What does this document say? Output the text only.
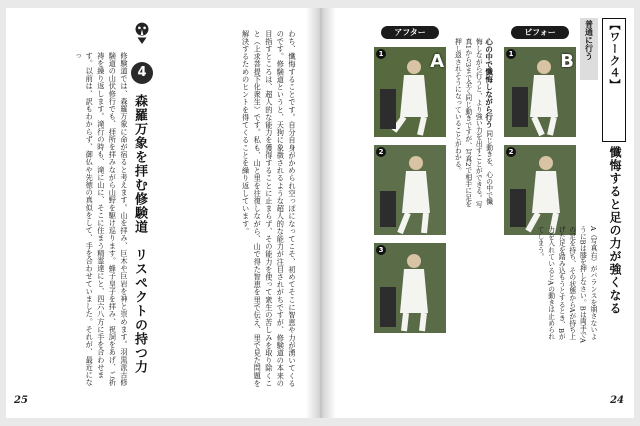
わち、懺悔することです。自分自身がかめられ空っぽになってこそ、初めてそこに智恵や力が湧いてくるのです。修験道というと、天狗に象徴されるような超人的な能力が注目されがちですが、修験道の本来の目指すところは、超人的な能力を獲得することに止まらず、その能力を使って衆生の苦しみを取り除くこと（上求菩提下化衆生）です。私も、山と里を往復しながら、山で得た智恵を里で伝え、里で見た問題を解決するためのヒントを得てくることを繰り返しています。
4
森羅万象を拝む修験道　リスペクトの持つ力
修験道では、森羅万象に命が宿ると考えます。山を拝み、巨木や巨岩を神と崇めます。羽黒派古修験道の山伏修行でも、拝所を拝みながら山野を駆け巡ります。蜂子皇子を拝み、祝詞をあげ、ご祈祷を繰り返します。滝行の時も、滝に山に、そこに住まう精霊達にと、四六八方に手を合わせます。以前は、訳もわからず、御仏や先徳の真似をして、手を合わせていました。それが、最近になっ
25
【ワーク４】
懺悔すると足の力が強くなる
普通に行う
ビフォー
1	B
2
心の中で懺悔しながら行う 同じ動きを、心の中で懺悔しながら行うと、より強い力を出すことができる。写真1から3まで全く同じ動きですが、写真2で相手に足を押し返されそうになっていることがわかる。
アフター
1	A
2
3	A（写真右）がバランスを崩さないようにBは膝を押しなさい。Bは両手でAの足を持ち、その状態からAが持ち上げた足を踏み込もうとするとき、Bが力を入れているとAの動きは止められてしまう。
24
